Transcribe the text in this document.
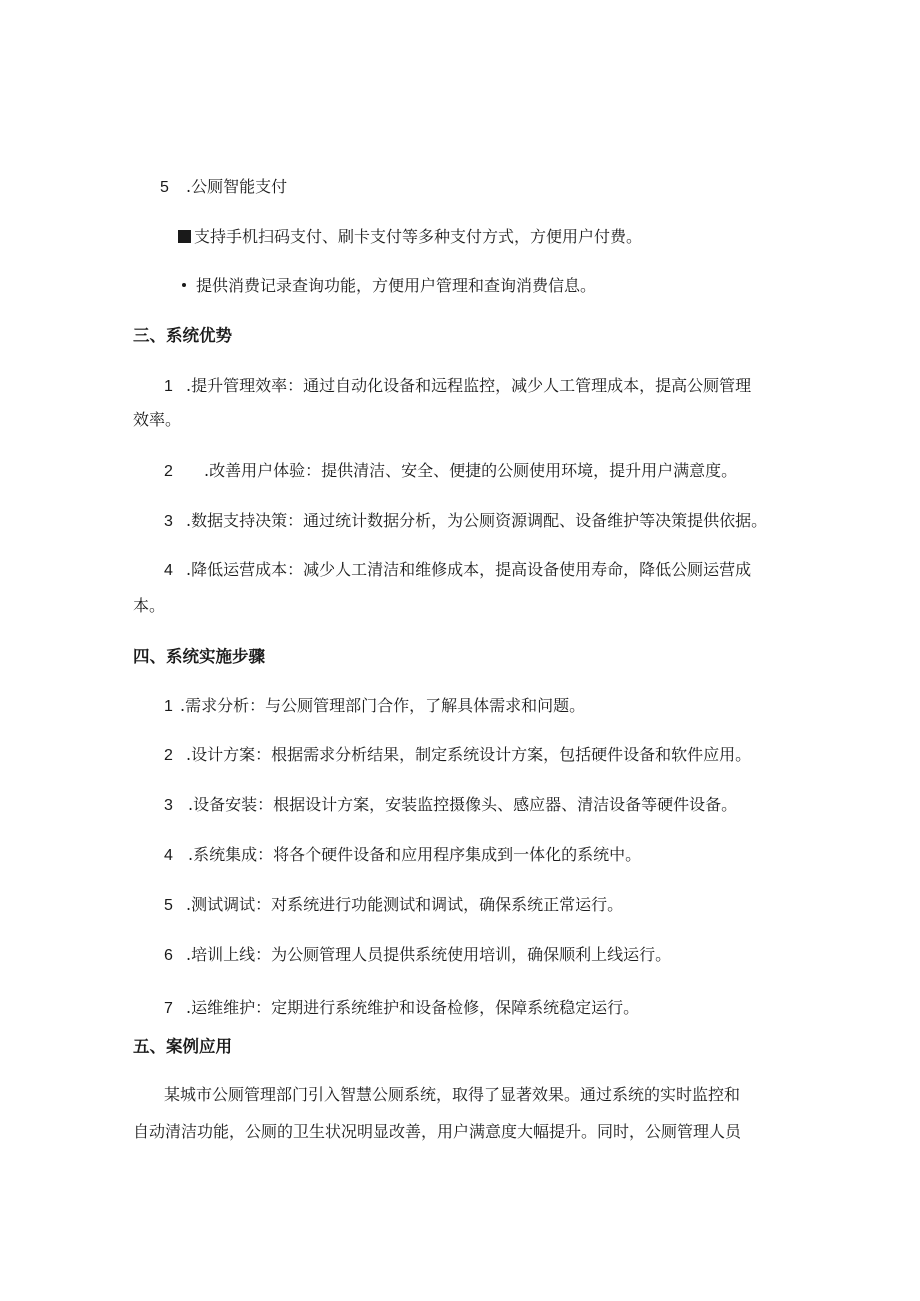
5 .公厕智能支付
支持手机扫码支付、刷卡支付等多种支付方式，方便用户付费。
提供消费记录查询功能，方便用户管理和查询消费信息。
三、系统优势
1 .提升管理效率：通过自动化设备和远程监控，减少人工管理成本，提高公厕管理
效率。
2 .改善用户体验：提供清洁、安全、便捷的公厕使用环境，提升用户满意度。
3 .数据支持决策：通过统计数据分析，为公厕资源调配、设备维护等决策提供依据。
4 .降低运营成本：减少人工清洁和维修成本，提高设备使用寿命，降低公厕运营成
本。
四、系统实施步骤
1 .需求分析：与公厕管理部门合作，了解具体需求和问题。
2 .设计方案：根据需求分析结果，制定系统设计方案，包括硬件设备和软件应用。
3 .设备安装：根据设计方案，安装监控摄像头、感应器、清洁设备等硬件设备。
4 .系统集成：将各个硬件设备和应用程序集成到一体化的系统中。
5 .测试调试：对系统进行功能测试和调试，确保系统正常运行。
6 .培训上线：为公厕管理人员提供系统使用培训，确保顺利上线运行。
7 .运维维护：定期进行系统维护和设备检修，保障系统稳定运行。
五、案例应用
某城市公厕管理部门引入智慧公厕系统，取得了显著效果。通过系统的实时监控和
自动清洁功能，公厕的卫生状况明显改善，用户满意度大幅提升。同时，公厕管理人员
